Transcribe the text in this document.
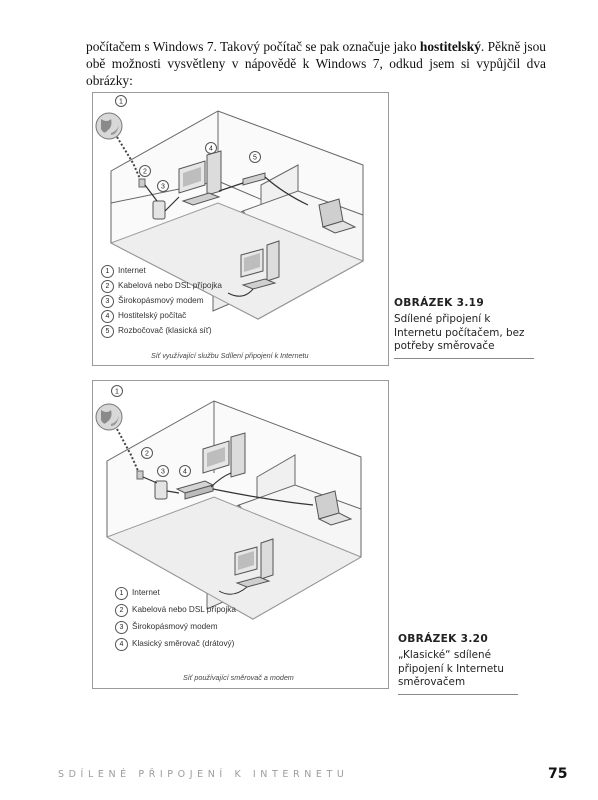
počítačem s Windows 7. Takový počítač se pak označuje jako hostitelský. Pěkně jsou obě možnosti vysvětleny v nápovědě k Windows 7, odkud jsem si vypůjčil dva obrázky:

1
2
3
4
5
1	Internet
2	Kabelová nebo DSL přípojka
3	Širokopásmový modem
4	Hostitelský počítač
5	Rozbočovač (klasická síť)
Síť využívající službu Sdílení připojení k Internetu
OBRÁZEK 3.19
Sdílené připojení k Internetu počítačem, bez potřeby směrovače
1
2
3	4
1	Internet
2	Kabelová nebo DSL přípojka
3	Širokopásmový modem
4	Klasický směrovač (drátový)
Síť používající směrovač a modem
OBRÁZEK 3.20
„Klasické“ sdílené připojení k Internetu směrovačem
SDÍLENÉ PŘIPOJENÍ K INTERNETU	75
